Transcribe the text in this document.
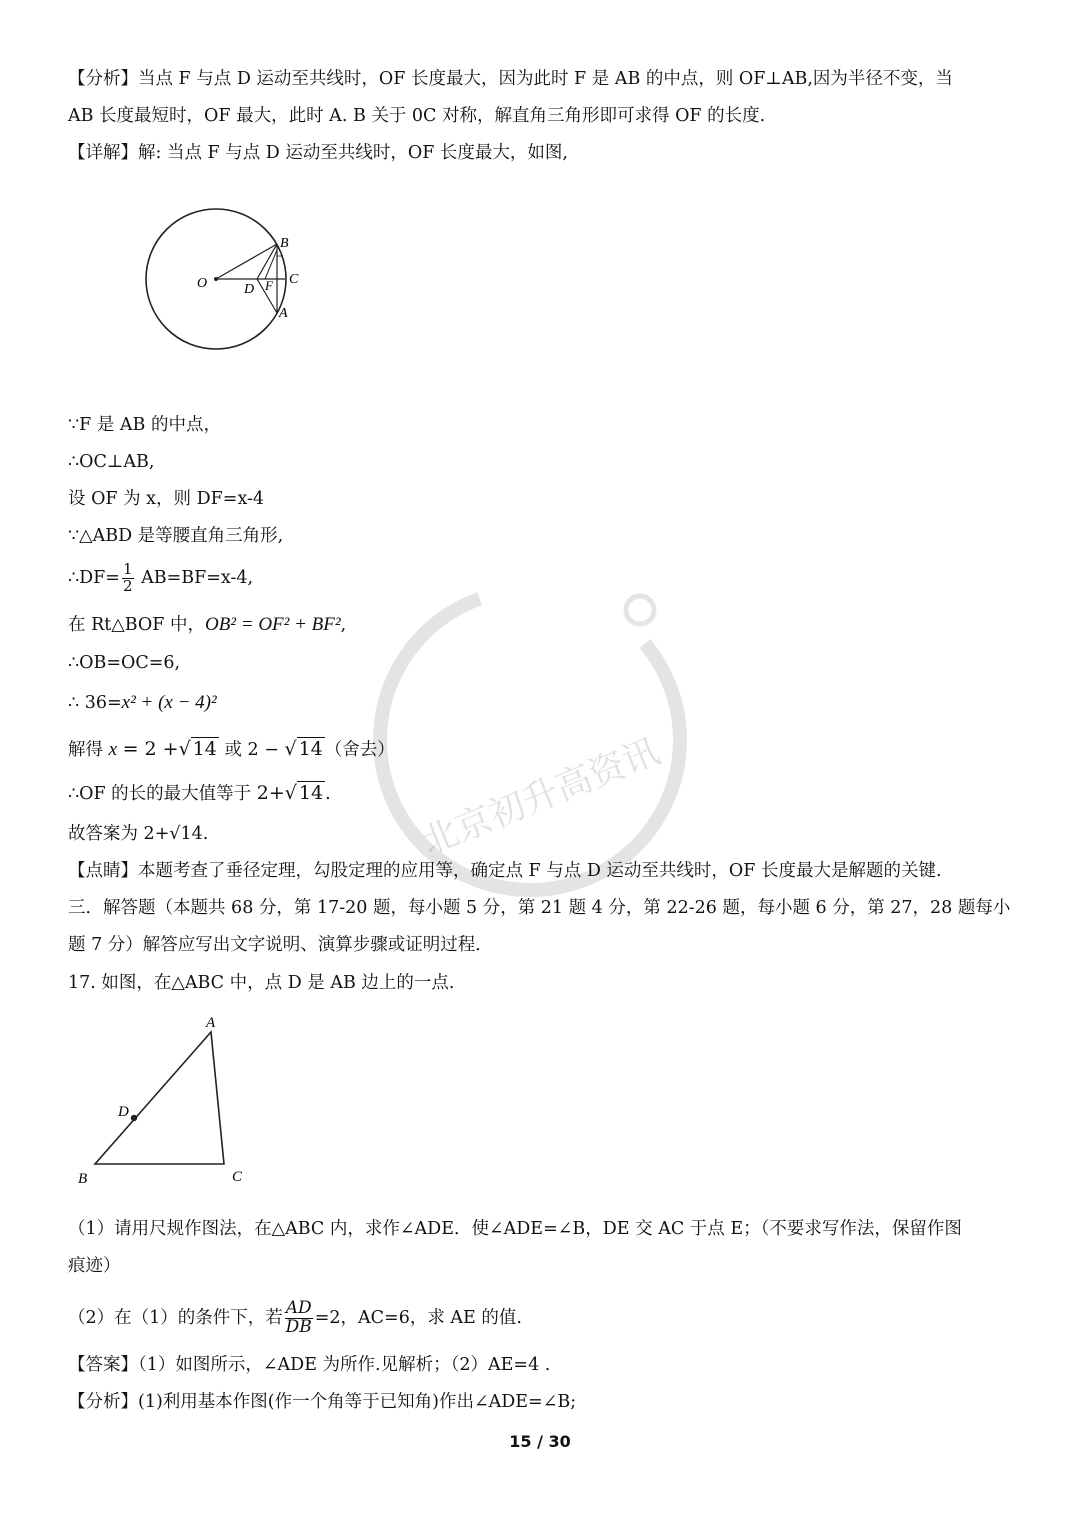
【分析】当点 F 与点 D 运动至共线时，OF 长度最大，因为此时 F 是 AB 的中点，则 OF⊥AB,因为半径不变，当

AB 长度最短时，OF 最大，此时 A. B 关于 0C 对称，解直角三角形即可求得 OF 的长度.

【详解】解: 当点 F 与点 D 运动至共线时，OF 长度最大，如图,

O
B
C
D F
A
北京初升高资讯

∵F 是 AB 的中点，

∴OC⊥AB,

设 OF 为 x，则 DF=x-4

∵△ABD 是等腰直角三角形,

∴DF= $\frac{1}{2} AB=BF=x-4$,

在 Rt△BOF 中，OB² = OF² + BF²,

∴OB=OC=6,

∴ 36=x² + (x − 4)²

解得 x = 2 +√ 14 或 2 − √ 14 （舍去）

∴OF 的长的最大值等于 2+√ 14 .

故答案为 2+√14.

【点睛】本题考查了垂径定理，勾股定理的应用等，确定点 F 与点 D 运动至共线时，OF 长度最大是解题的关键.

三．解答题（本题共 68 分，第 17-20 题，每小题 5 分，第 21 题 4 分，第 22-26 题，每小题 6 分，第 27，28 题每小

题 7 分）解答应写出文字说明、演算步骤或证明过程．

17. 如图，在△ABC 中，点 D 是 AB 边上的一点.

A
B	C
D

（1）请用尺规作图法，在△ABC 内，求作∠ADE．使∠ADE=∠B，DE 交 AC 于点 E；（不要求写作法，保留作图

痕迹）

（2）在（1）的条件下，若 $\frac{AD}{DB} =2$，AC=6，求 AE 的值.

【答案】（1）如图所示，∠ADE 为所作.见解析；（2）AE=4 .

【分析】(1)利用基本作图(作一个角等于已知角)作出∠ADE=∠B;

15 / 30
